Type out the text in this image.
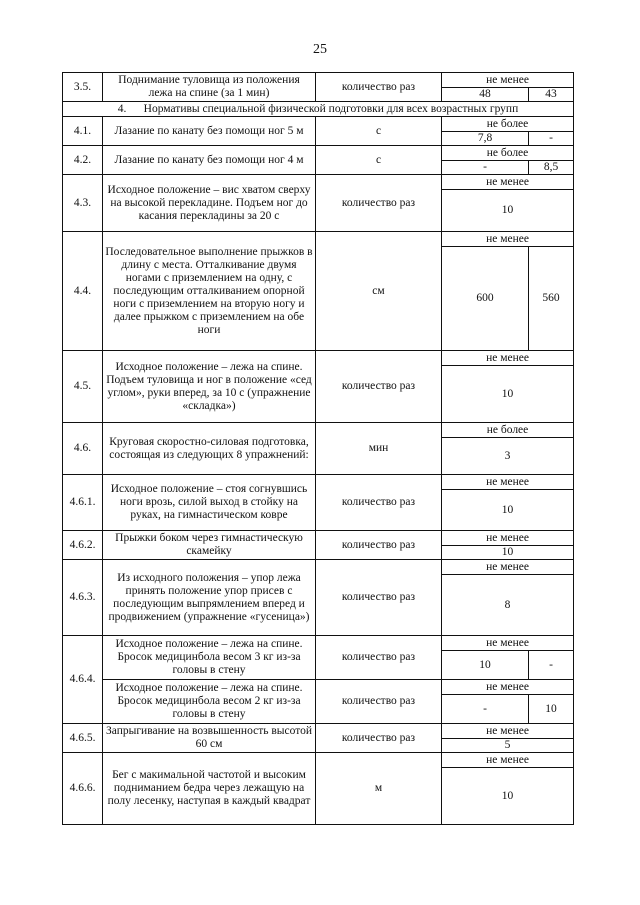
25
3.5.	Поднимание туловища из положения лежа на спине (за 1 мин)	количество раз	не менее	
			48	43
4. Нормативы специальной физической подготовки для всех возрастных групп				
4.1.	Лазание по канату без помощи ног 5 м	с	не более	
			7,8	-
4.2.	Лазание по канату без помощи ног 4 м	с	не более	
			-	8,5
4.3.	Исходное положение – вис хватом сверху на высокой перекладине. Подъем ног до касания перекладины за 20 с	количество раз	не менее	
			10	
4.4.	Последовательное выполнение прыжков в длину с места. Отталкивание двумя ногами с приземлением на одну, с последующим отталкиванием опорной ноги с приземлением на вторую ногу и далее прыжком с приземлением на обе ноги	см	не менее	
			600	560
4.5.	Исходное положение – лежа на спине. Подъем туловища и ног в положение «сед углом», руки вперед, за 10 с (упражнение «складка»)	количество раз	не менее	
			10	
4.6.	Круговая скоростно-силовая подготовка, состоящая из следующих 8 упражнений:	мин	не более	
			3	
4.6.1.	Исходное положение – стоя согнувшись ноги врозь, силой выход в стойку на руках, на гимнастическом ковре	количество раз	не менее	
			10	
4.6.2.	Прыжки боком через гимнастическую скамейку	количество раз	не менее	
			10	
4.6.3.	Из исходного положения – упор лежа принять положение упор присев с последующим выпрямлением вперед и продвижением (упражнение «гусеница»)	количество раз	не менее	
			8	
4.6.4.	Исходное положение – лежа на спине. Бросок медицинбола весом 3 кг из-за головы в стену	количество раз	не менее	
			10	-
	Исходное положение – лежа на спине. Бросок медицинбола весом 2 кг из-за головы в стену	количество раз	не менее	
			-	10
4.6.5.	Запрыгивание на возвышенность высотой 60 см	количество раз	не менее	
			5	
4.6.6.	Бег с макимальной частотой и высоким подниманием бедра через лежащую на полу лесенку, наступая в каждый квадрат	м	не менее	
			10	
